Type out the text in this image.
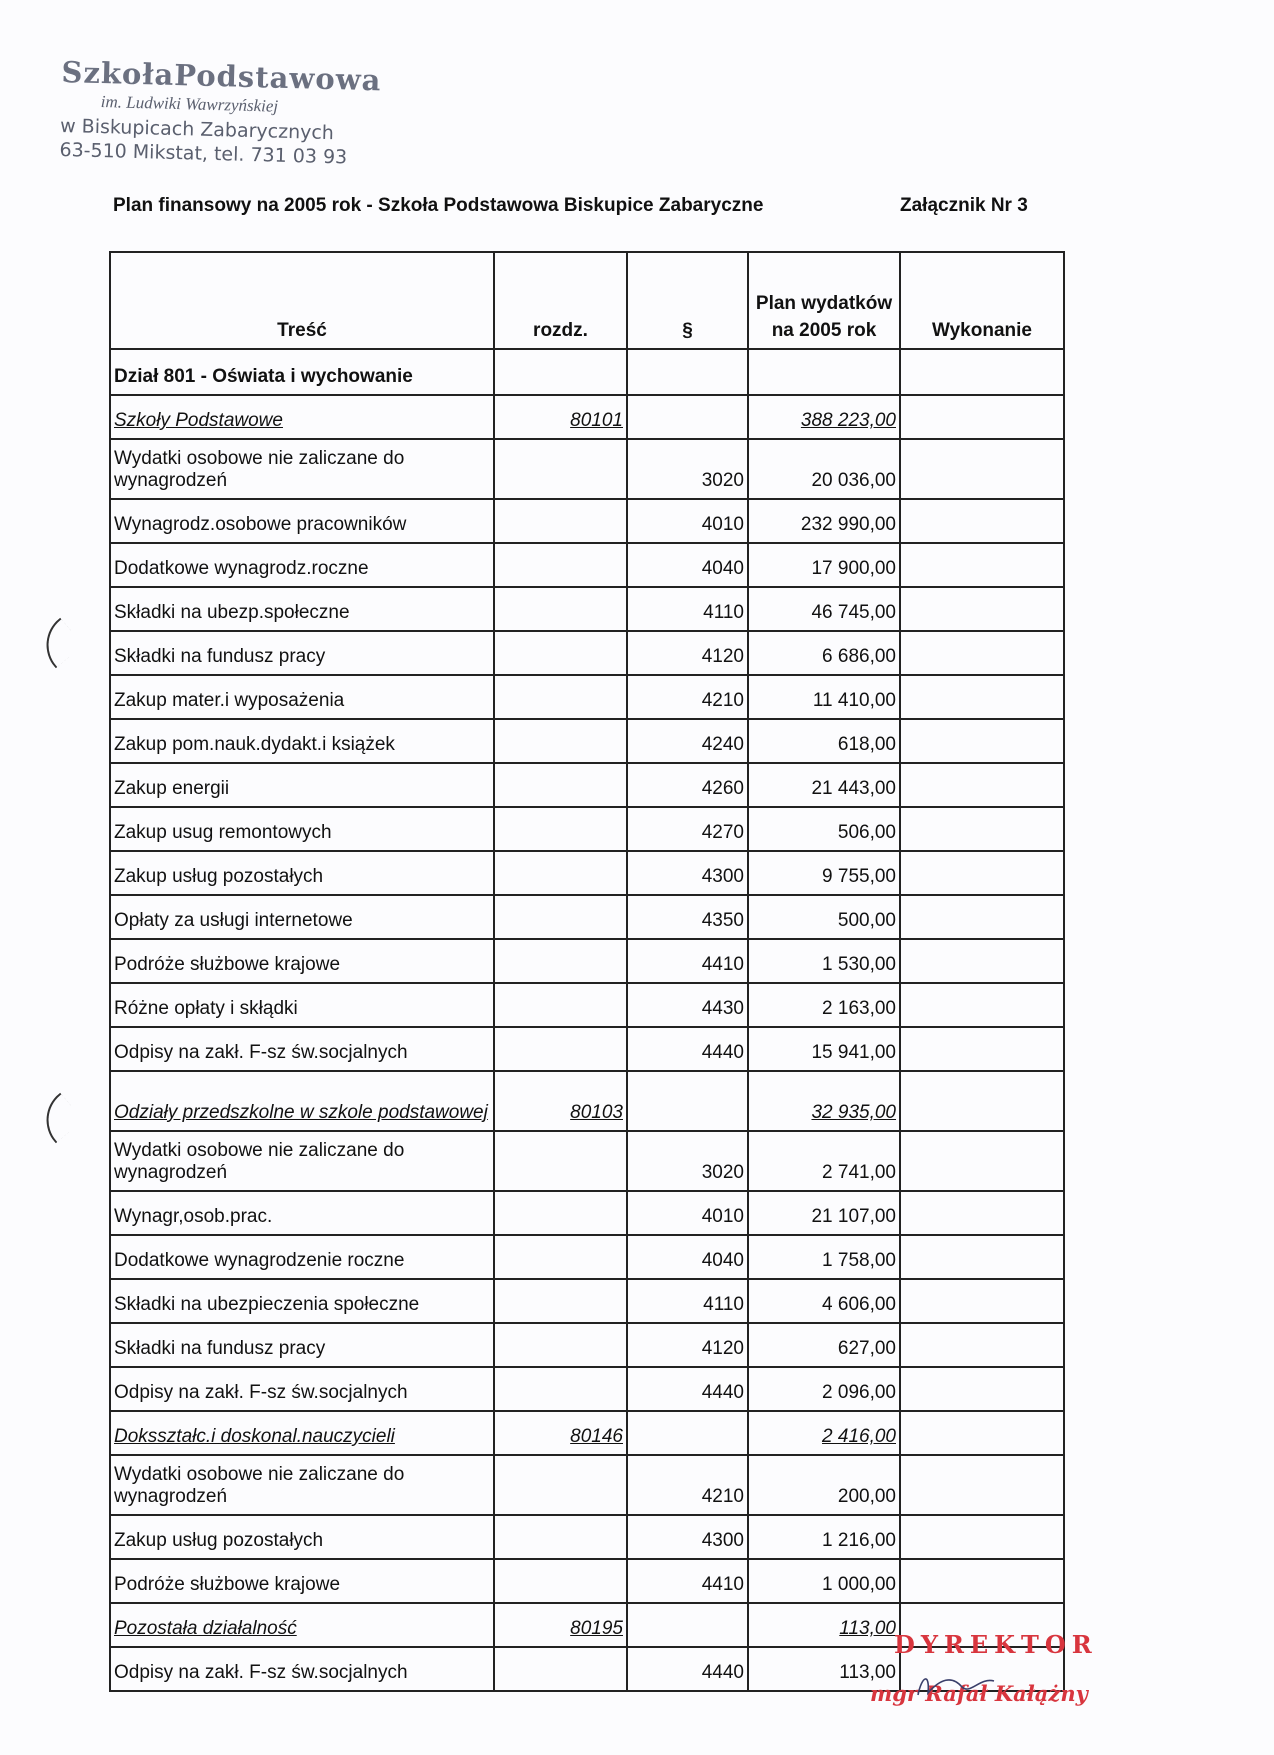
SzkołaPodstawowa
im. Ludwiki Wawrzyńskiej
w Biskupicach Zabarycznych
63-510 Mikstat, tel. 731 03 93
Plan finansowy na 2005 rok - Szkoła Podstawowa Biskupice Zabaryczne	Załącznik Nr 3
Treść	rozdz.	§	Plan wydatków na 2005 rok	Wykonanie
Dział 801 - Oświata i wychowanie				
Szkoły Podstawowe	80101		388 223,00	
Wydatki osobowe nie zaliczane do wynagrodzeń		3020	20 036,00	
Wynagrodz.osobowe pracowników		4010	232 990,00	
Dodatkowe wynagrodz.roczne		4040	17 900,00	
Składki na ubezp.społeczne		4110	46 745,00	
Składki na fundusz pracy		4120	6 686,00	
Zakup mater.i wyposażenia		4210	11 410,00	
Zakup pom.nauk.dydakt.i książek		4240	618,00	
Zakup energii		4260	21 443,00	
Zakup usug remontowych		4270	506,00	
Zakup usług pozostałych		4300	9 755,00	
Opłaty za usługi internetowe		4350	500,00	
Podróże służbowe krajowe		4410	1 530,00	
Różne opłaty i skłądki		4430	2 163,00	
Odpisy na zakł. F-sz św.socjalnych		4440	15 941,00	
Odziały przedszkolne w szkole podstawowej	80103		32 935,00	
Wydatki osobowe nie zaliczane do wynagrodzeń		3020	2 741,00	
Wynagr,osob.prac.		4010	21 107,00	
Dodatkowe wynagrodzenie roczne		4040	1 758,00	
Składki na ubezpieczenia społeczne		4110	4 606,00	
Składki na fundusz pracy		4120	627,00	
Odpisy na zakł. F-sz św.socjalnych		4440	2 096,00	
Doksształc.i doskonal.nauczycieli	80146		2 416,00	
Wydatki osobowe nie zaliczane do wynagrodzeń		4210	200,00	
Zakup usług pozostałych		4300	1 216,00	
Podróże służbowe krajowe		4410	1 000,00	
Pozostała działalność	80195		113,00	
Odpisy na zakł. F-sz św.socjalnych		4440	113,00	
DYREKTOR
mgr Rafał Kałążny
